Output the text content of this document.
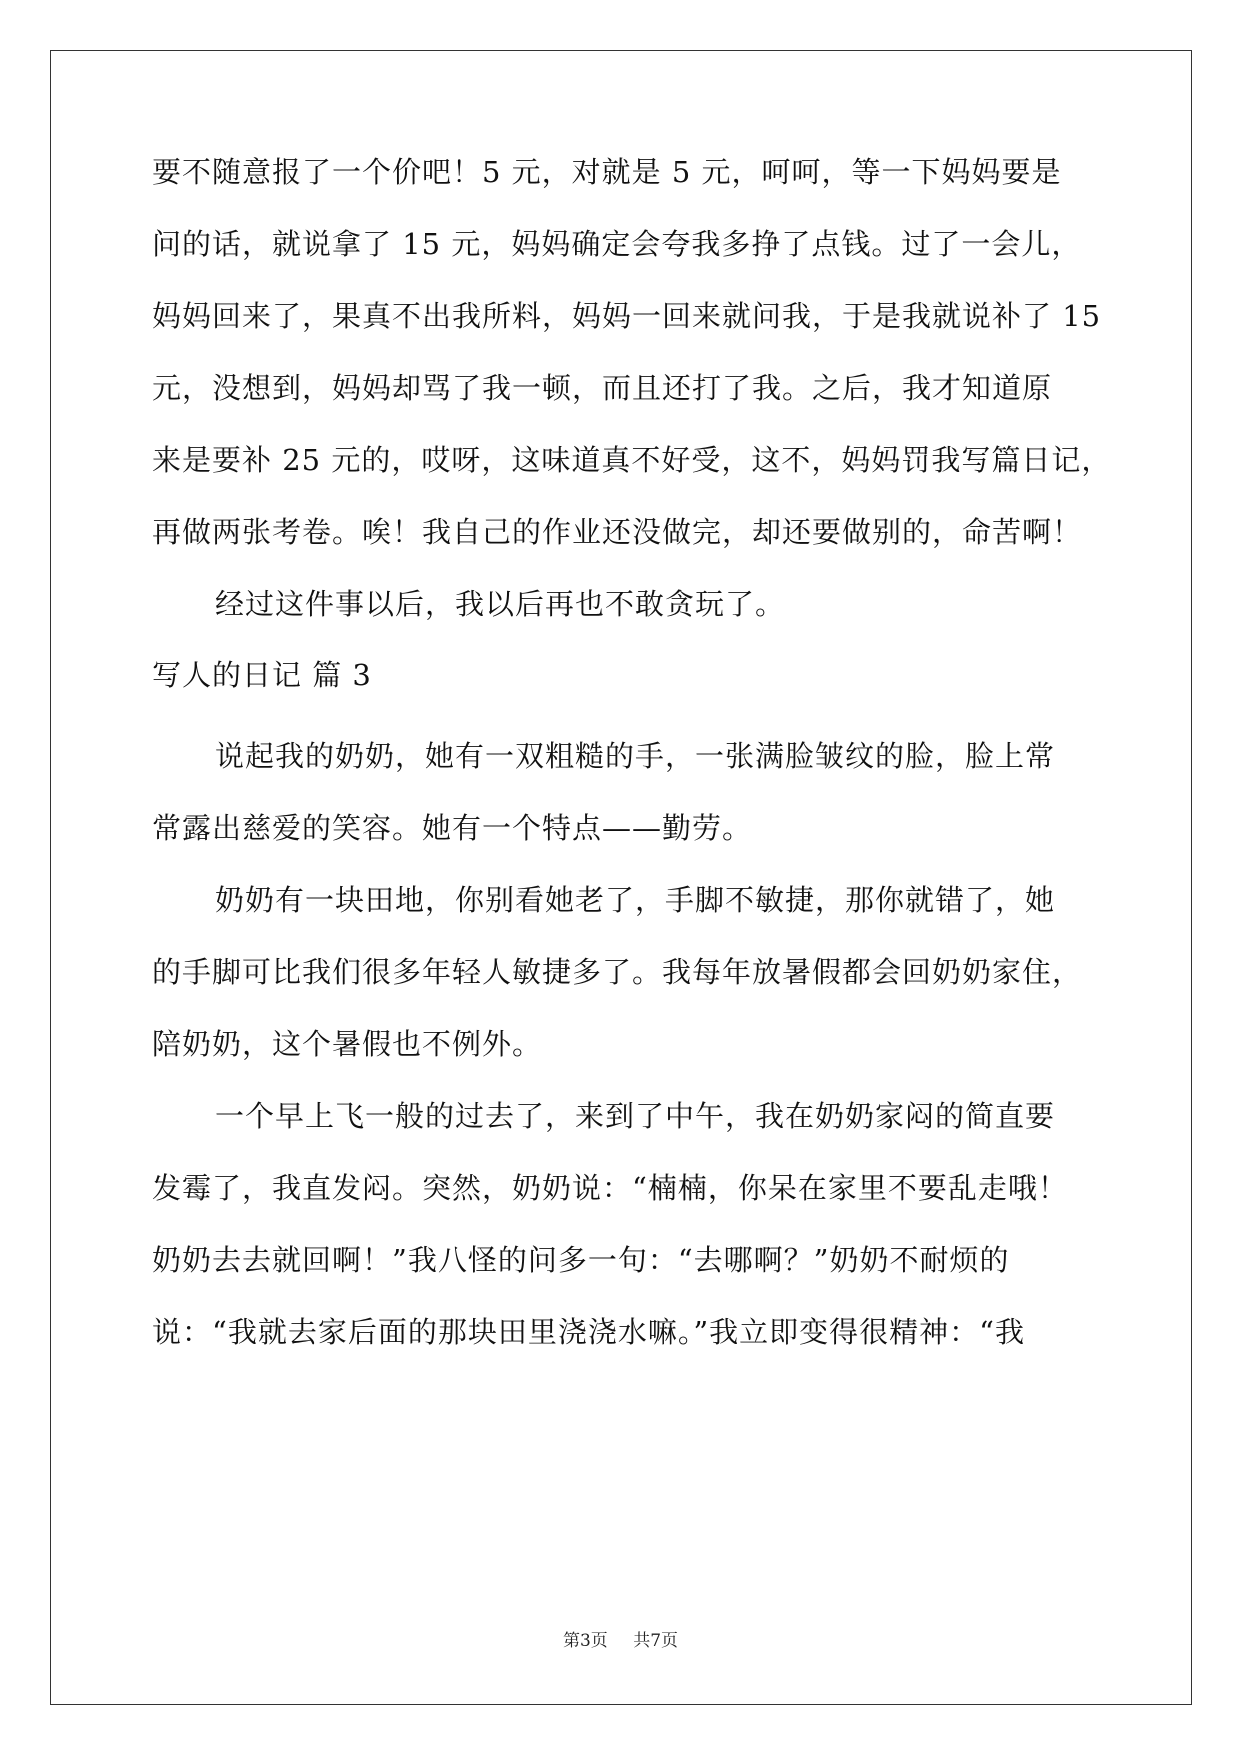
要不随意报了一个价吧！5 元，对就是 5 元，呵呵，等一下妈妈要是
问的话，就说拿了 15 元，妈妈确定会夸我多挣了点钱。过了一会儿，
妈妈回来了，果真不出我所料，妈妈一回来就问我，于是我就说补了 15
元，没想到，妈妈却骂了我一顿，而且还打了我。之后，我才知道原
来是要补 25 元的，哎呀，这味道真不好受，这不，妈妈罚我写篇日记，
再做两张考卷。唉！我自己的作业还没做完，却还要做别的，命苦啊！
经过这件事以后，我以后再也不敢贪玩了。
写人的日记 篇 3
说起我的奶奶，她有一双粗糙的手，一张满脸皱纹的脸，脸上常
常露出慈爱的笑容。她有一个特点——勤劳。
奶奶有一块田地，你别看她老了，手脚不敏捷，那你就错了，她
的手脚可比我们很多年轻人敏捷多了。我每年放暑假都会回奶奶家住，
陪奶奶，这个暑假也不例外。
一个早上飞一般的过去了，来到了中午，我在奶奶家闷的简直要
发霉了，我直发闷。突然，奶奶说：“楠楠，你呆在家里不要乱走哦！
奶奶去去就回啊！”我八怪的问多一句：“去哪啊？”奶奶不耐烦的
说：“我就去家后面的那块田里浇浇水嘛。”我立即变得很精神：“我
第3页 共7页
